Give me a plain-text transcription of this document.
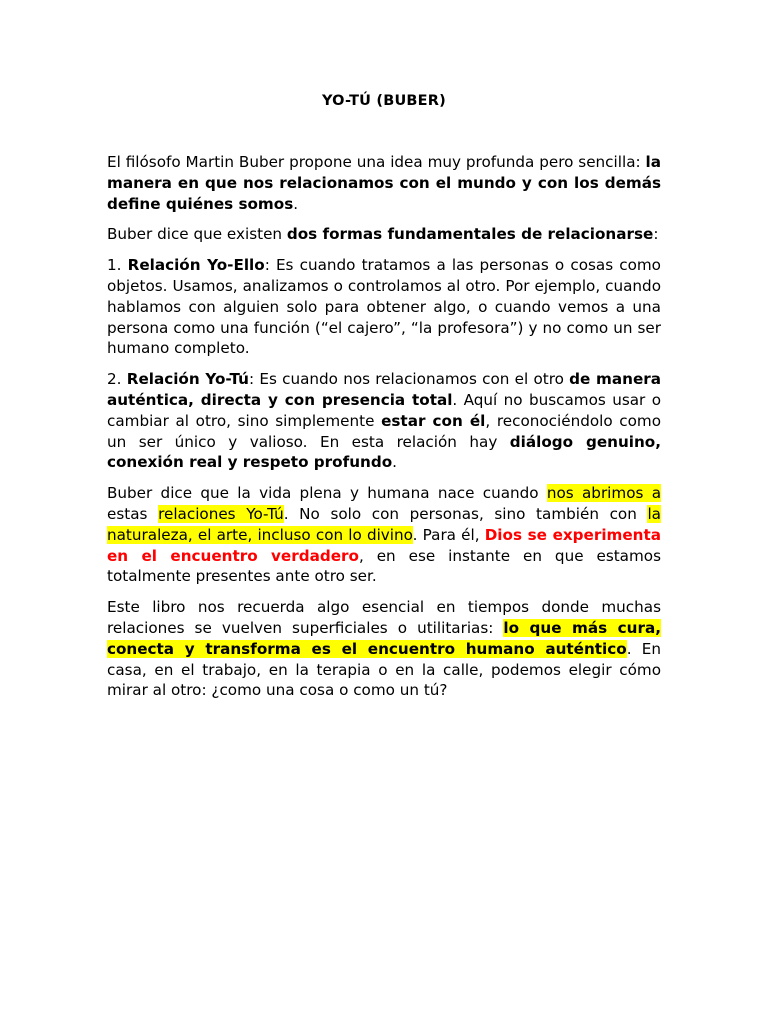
YO-TÚ (BUBER)

El filósofo Martin Buber propone una idea muy profunda pero sencilla: la manera en que nos relacionamos con el mundo y con los demás define quiénes somos.

Buber dice que existen dos formas fundamentales de relacionarse:

1. Relación Yo-Ello: Es cuando tratamos a las personas o cosas como objetos. Usamos, analizamos o controlamos al otro. Por ejemplo, cuando hablamos con alguien solo para obtener algo, o cuando vemos a una persona como una función (“el cajero”, “la profesora”) y no como un ser humano completo.

2. Relación Yo-Tú: Es cuando nos relacionamos con el otro de manera auténtica, directa y con presencia total. Aquí no buscamos usar o cambiar al otro, sino simplemente estar con él, reconociéndolo como un ser único y valioso. En esta relación hay diálogo genuino, conexión real y respeto profundo.

Buber dice que la vida plena y humana nace cuando nos abrimos a estas relaciones Yo-Tú. No solo con personas, sino también con la naturaleza, el arte, incluso con lo divino. Para él, Dios se experimenta en el encuentro verdadero, en ese instante en que estamos totalmente presentes ante otro ser.

Este libro nos recuerda algo esencial en tiempos donde muchas relaciones se vuelven superficiales o utilitarias: lo que más cura, conecta y transforma es el encuentro humano auténtico. En casa, en el trabajo, en la terapia o en la calle, podemos elegir cómo mirar al otro: ¿como una cosa o como un tú?
